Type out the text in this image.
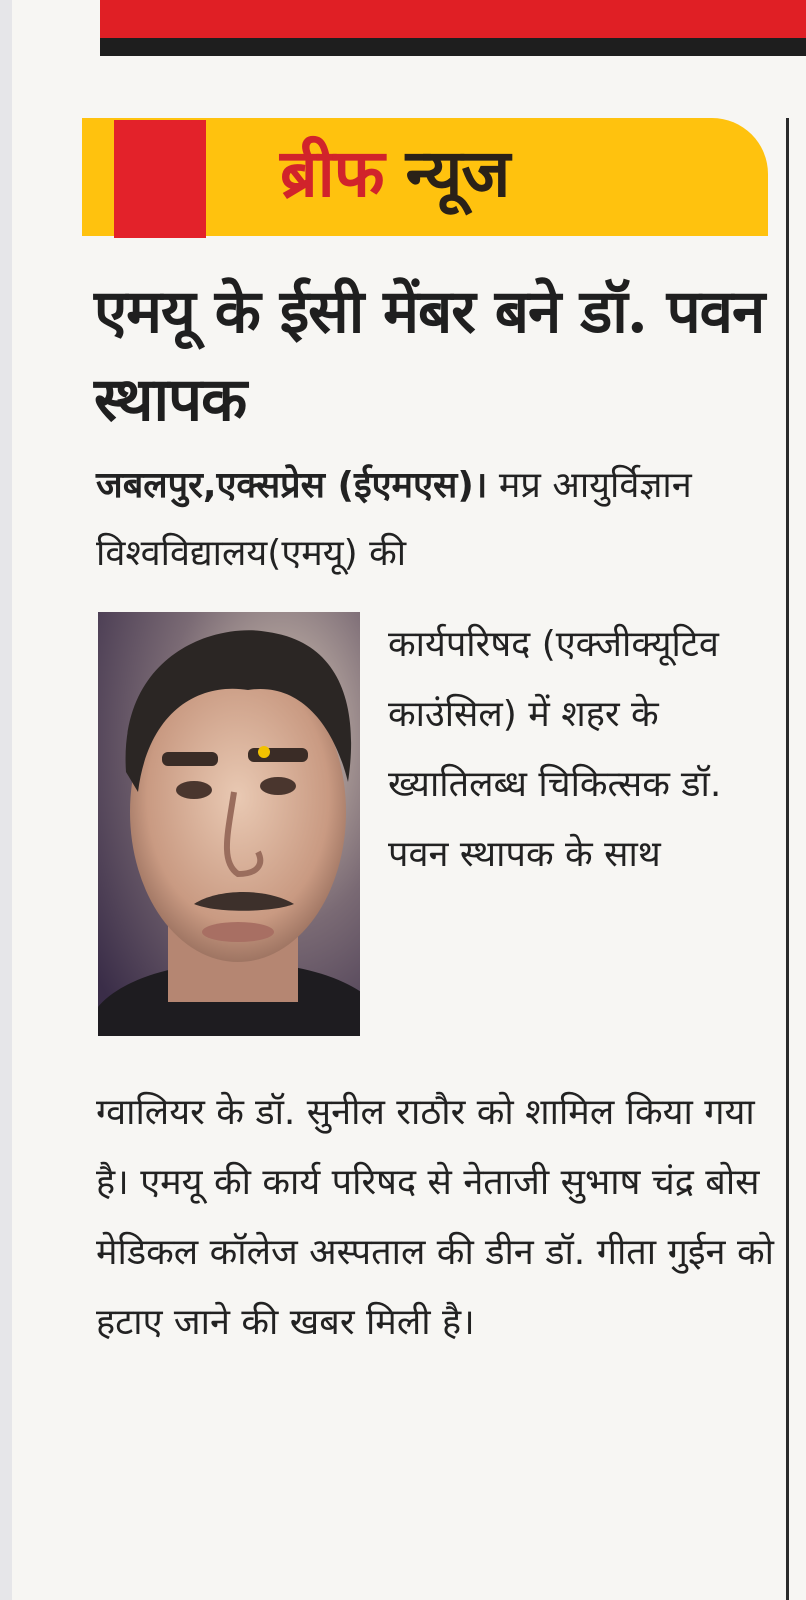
ब्रीफ न्यूज
एमयू के ईसी मेंबर बने डॉ. पवन स्थापक

जबलपुर,एक्सप्रेस (ईएमएस)। मप्र आयुर्विज्ञान विश्वविद्यालय(एमयू) की

कार्यपरिषद (एक्जीक्यूटिव काउंसिल) में शहर के ख्यातिलब्ध चिकित्सक डॉ. पवन स्थापक के साथ

ग्वालियर के डॉ. सुनील राठौर को शामिल किया गया है। एमयू की कार्य परिषद से नेताजी सुभाष चंद्र बोस मेडिकल कॉलेज अस्पताल की डीन डॉ. गीता गुईन को हटाए जाने की खबर मिली है।
